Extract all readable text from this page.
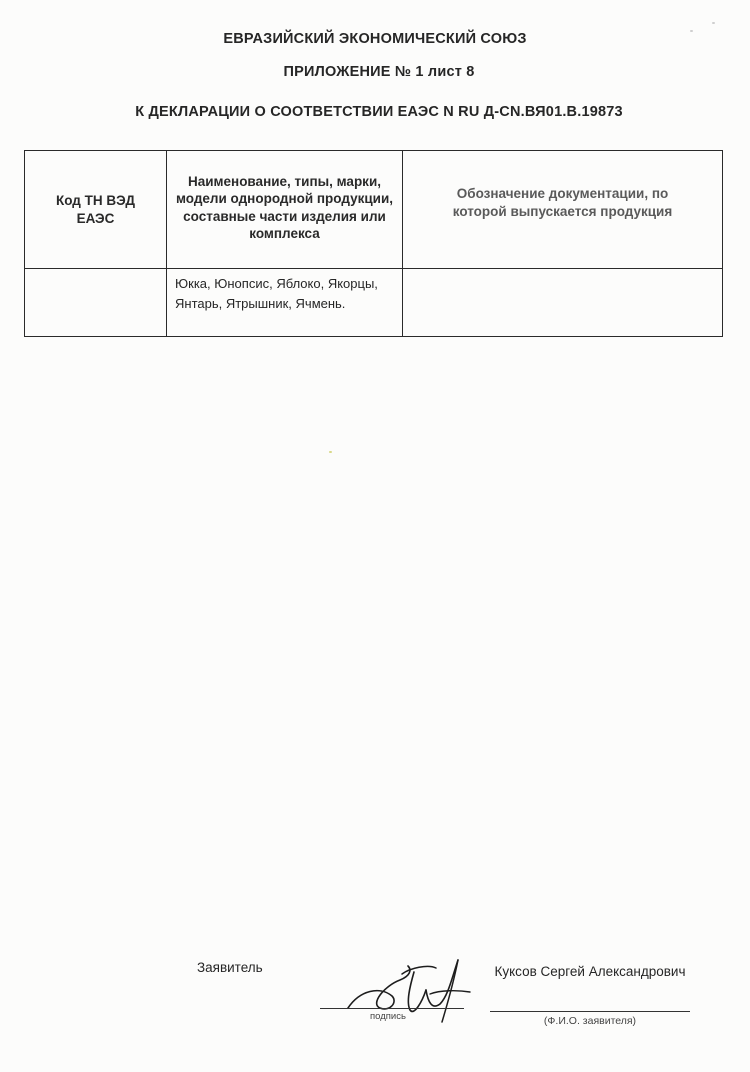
ЕВРАЗИЙСКИЙ ЭКОНОМИЧЕСКИЙ СОЮЗ
ПРИЛОЖЕНИЕ № 1 лист 8
К ДЕКЛАРАЦИИ О СООТВЕТСТВИИ ЕАЭС N RU Д-CN.ВЯ01.В.19873
Код ТН ВЭД ЕАЭС	Наименование, типы, марки, модели однородной продукции, составные части изделия или комплекса	Обозначение документации, по которой выпускается продукция

	Юкка, Юнопсис, Яблоко, Якорцы, Янтарь, Ятрышник, Ячмень.	
Заявитель
подпись
Куксов Сергей Александрович
(Ф.И.О. заявителя)
